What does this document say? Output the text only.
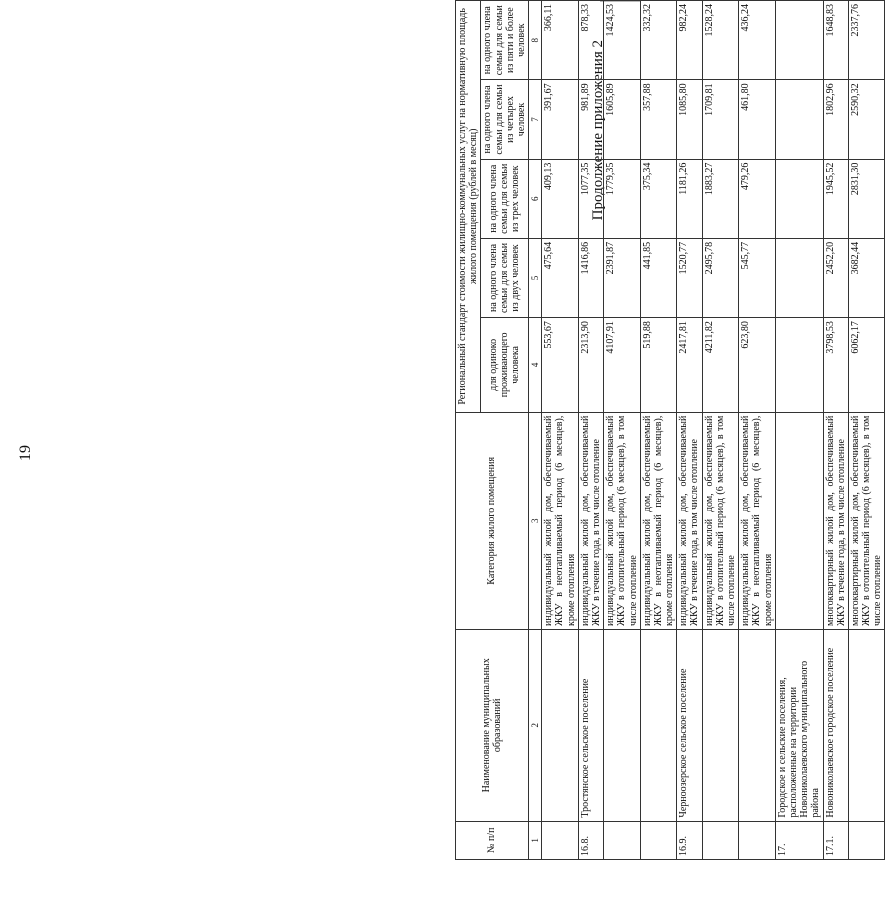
19
Продолжение приложения 2
№ п/п	Наименование муниципальных образований	Категория жилого помещения	Региональный стандарт стоимости жилищно-коммунальных услуг на нормативную площадь жилого помещения (рублей в месяц)				
			для одиноко проживающего человека	на одного члена семьи для семьи из двух человек	на одного члена семьи для семьи из трех человек	на одного члена семьи для семьи из четырех человек	на одного члена семьи для семьи из пяти и более человек
1	2	3	4	5	6	7	8
		индивидуальный жилой дом, обеспечиваемый ЖКУ в неотапливаемый период (6 месяцев), кроме отопления	553,67	475,64	409,13	391,67	366,11
16.8.	Тростянское сельское поселение	индивидуальный жилой дом, обеспечиваемый ЖКУ в течение года, в том числе отопление	2313,90	1416,86	1077,35	981,89	878,33
		индивидуальный жилой дом, обеспечиваемый ЖКУ в отопительный период (6 месяцев), в том числе отопление	4107,91	2391,87	1779,35	1605,89	1424,53
		индивидуальный жилой дом, обеспечиваемый ЖКУ в неотапливаемый период (6 месяцев), кроме отопления	519,88	441,85	375,34	357,88	332,32
16.9.	Черноозерское сельское поселение	индивидуальный жилой дом, обеспечиваемый ЖКУ в течение года, в том числе отопление	2417,81	1520,77	1181,26	1085,80	982,24
		индивидуальный жилой дом, обеспечиваемый ЖКУ в отопительный период (6 месяцев), в том числе отопление	4211,82	2495,78	1883,27	1709,81	1528,24
		индивидуальный жилой дом, обеспечиваемый ЖКУ в неотапливаемый период (6 месяцев), кроме отопления	623,80	545,77	479,26	461,80	436,24
17.	Городское и сельские поселения, расположенные на территории Новониколаевского муниципального района						
17.1.	Новониколаевское городское поселение	многоквартирный жилой дом, обеспечиваемый ЖКУ в течение года, в том числе отопление	3798,53	2452,20	1945,52	1802,96	1648,83
		многоквартирный жилой дом, обеспечиваемый ЖКУ в отопительный период (6 месяцев), в том числе отопление	6062,17	3682,44	2831,30	2590,32	2337,76
